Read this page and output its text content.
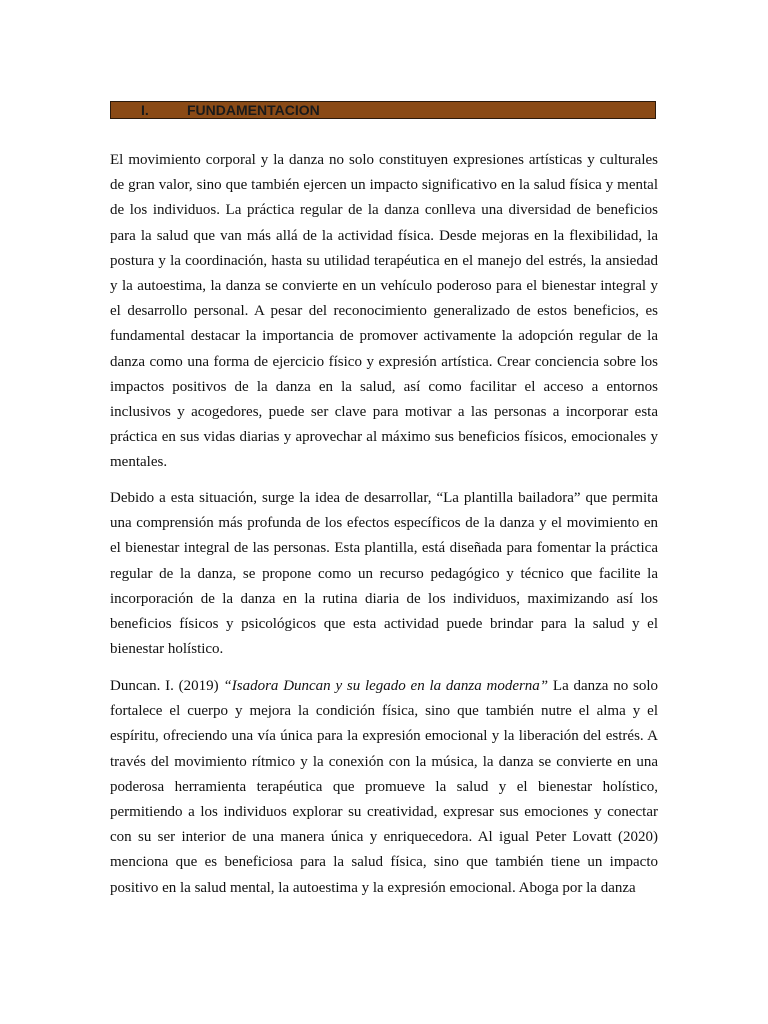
I.	FUNDAMENTACION

El movimiento corporal y la danza no solo constituyen expresiones artísticas y culturales de gran valor, sino que también ejercen un impacto significativo en la salud física y mental de los individuos. La práctica regular de la danza conlleva una diversidad de beneficios para la salud que van más allá de la actividad física. Desde mejoras en la flexibilidad, la postura y la coordinación, hasta su utilidad terapéutica en el manejo del estrés, la ansiedad y la autoestima, la danza se convierte en un vehículo poderoso para el bienestar integral y el desarrollo personal. A pesar del reconocimiento generalizado de estos beneficios, es fundamental destacar la importancia de promover activamente la adopción regular de la danza como una forma de ejercicio físico y expresión artística. Crear conciencia sobre los impactos positivos de la danza en la salud, así como facilitar el acceso a entornos inclusivos y acogedores, puede ser clave para motivar a las personas a incorporar esta práctica en sus vidas diarias y aprovechar al máximo sus beneficios físicos, emocionales y mentales.

Debido a esta situación, surge la idea de desarrollar, “La plantilla bailadora” que permita una comprensión más profunda de los efectos específicos de la danza y el movimiento en el bienestar integral de las personas. Esta plantilla, está diseñada para fomentar la práctica regular de la danza, se propone como un recurso pedagógico y técnico que facilite la incorporación de la danza en la rutina diaria de los individuos, maximizando así los beneficios físicos y psicológicos que esta actividad puede brindar para la salud y el bienestar holístico.

Duncan. I. (2019) “Isadora Duncan y su legado en la danza moderna” La danza no solo fortalece el cuerpo y mejora la condición física, sino que también nutre el alma y el espíritu, ofreciendo una vía única para la expresión emocional y la liberación del estrés. A través del movimiento rítmico y la conexión con la música, la danza se convierte en una poderosa herramienta terapéutica que promueve la salud y el bienestar holístico, permitiendo a los individuos explorar su creatividad, expresar sus emociones y conectar con su ser interior de una manera única y enriquecedora. Al igual Peter Lovatt (2020) menciona que es beneficiosa para la salud física, sino que también tiene un impacto positivo en la salud mental, la autoestima y la expresión emocional. Aboga por la danza
